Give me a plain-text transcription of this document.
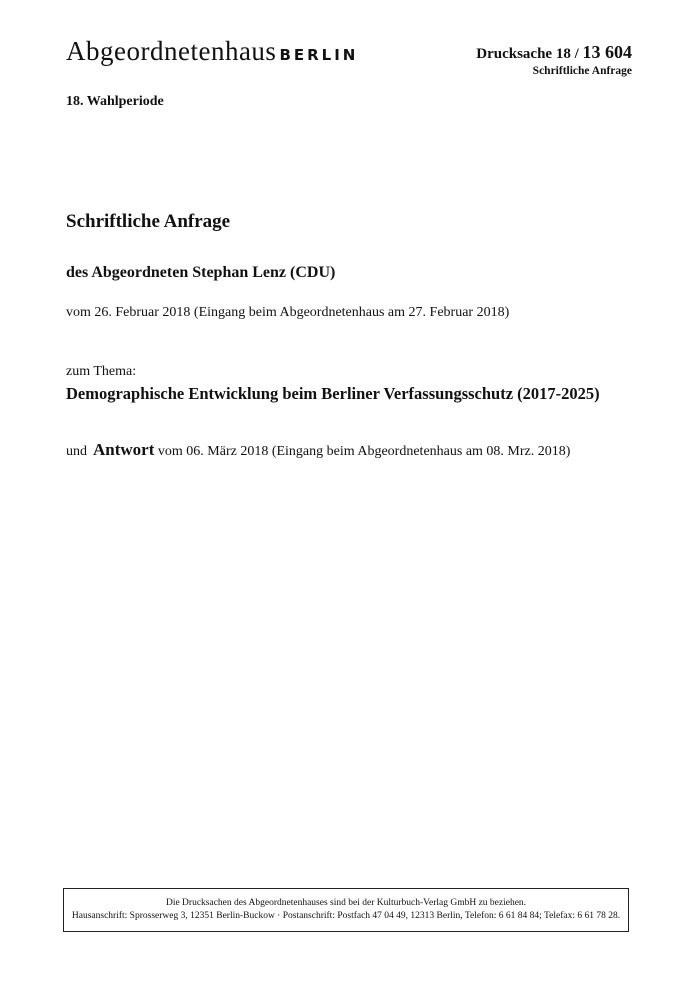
Abgeordnetenhaus BERLIN	Drucksache 18 / 13 604
Schriftliche Anfrage
18. Wahlperiode
Schriftliche Anfrage
des Abgeordneten Stephan Lenz (CDU)
vom 26. Februar 2018 (Eingang beim Abgeordnetenhaus am 27. Februar 2018)
zum Thema:
Demographische Entwicklung beim Berliner Verfassungsschutz (2017-2025)
und Antwort vom 06. März 2018 (Eingang beim Abgeordnetenhaus am 08. Mrz. 2018)
Die Drucksachen des Abgeordnetenhauses sind bei der Kulturbuch-Verlag GmbH zu beziehen.
Hausanschrift: Sprosserweg 3, 12351 Berlin-Buckow · Postanschrift: Postfach 47 04 49, 12313 Berlin, Telefon: 6 61 84 84; Telefax: 6 61 78 28.
